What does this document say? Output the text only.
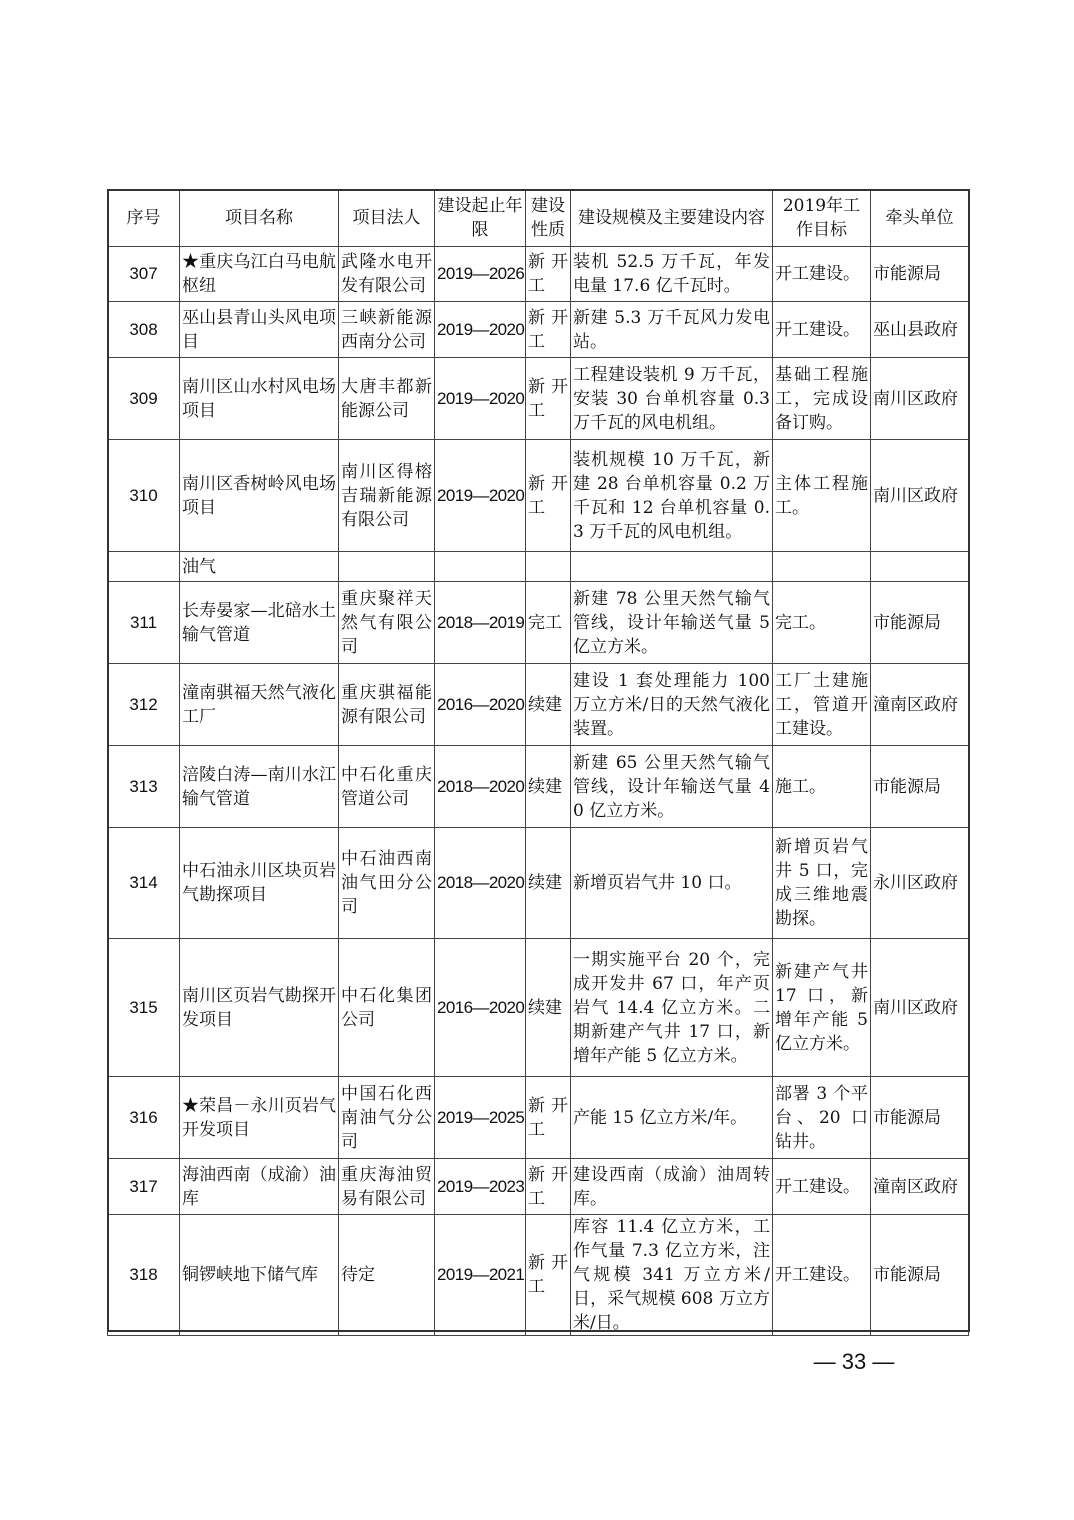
序号	项目名称	项目法人	建设起止年限	建设性质	建设规模及主要建设内容	2019年工作目标	牵头单位
307	★重庆乌江白马电航枢纽	武隆水电开发有限公司	2019—2026	新开工	装机 52.5 万千瓦，年发电量 17.6 亿千瓦时。	开工建设。	市能源局
308	巫山县青山头风电项目	三峡新能源西南分公司	2019—2020	新开工	新建 5.3 万千瓦风力发电站。	开工建设。	巫山县政府
309	南川区山水村风电场项目	大唐丰都新能源公司	2019—2020	新开工	工程建设装机 9 万千瓦，安装 30 台单机容量 0.3 万千瓦的风电机组。	基础工程施工，完成设备订购。	南川区政府
310	南川区香树岭风电场项目	南川区得榕吉瑞新能源有限公司	2019—2020	新开工	装机规模 10 万千瓦，新建 28 台单机容量 0.2 万千瓦和 12 台单机容量 0.3 万千瓦的风电机组。	主体工程施工。	南川区政府
	油气						
311	长寿晏家—北碚水土输气管道	重庆聚祥天然气有限公司	2018—2019	完工	新建 78 公里天然气输气管线，设计年输送气量 5 亿立方米。	完工。	市能源局
312	潼南骐福天然气液化工厂	重庆骐福能源有限公司	2016—2020	续建	建设 1 套处理能力 100 万立方米/日的天然气液化装置。	工厂土建施工，管道开工建设。	潼南区政府
313	涪陵白涛—南川水江输气管道	中石化重庆管道公司	2018—2020	续建	新建 65 公里天然气输气管线，设计年输送气量 40 亿立方米。	施工。	市能源局
314	中石油永川区块页岩气勘探项目	中石油西南油气田分公司	2018—2020	续建	新增页岩气井 10 口。	新增页岩气井 5 口，完成三维地震勘探。	永川区政府
315	南川区页岩气勘探开发项目	中石化集团公司	2016—2020	续建	一期实施平台 20 个，完成开发井 67 口，年产页岩气 14.4 亿立方米。二期新建产气井 17 口，新增年产能 5 亿立方米。	新建产气井 17 口，新增年产能 5 亿立方米。	南川区政府
316	★荣昌－永川页岩气开发项目	中国石化西南油气分公司	2019—2025	新开工	产能 15 亿立方米/年。	部署 3 个平台、20 口钻井。	市能源局
317	海油西南（成渝）油库	重庆海油贸易有限公司	2019—2023	新开工	建设西南（成渝）油周转库。	开工建设。	潼南区政府
318	铜锣峡地下储气库	待定	2019—2021	新开工	库容 11.4 亿立方米，工作气量 7.3 亿立方米，注气规模 341 万立方米/日，采气规模 608 万立方米/日。	开工建设。	市能源局
— 33 —
